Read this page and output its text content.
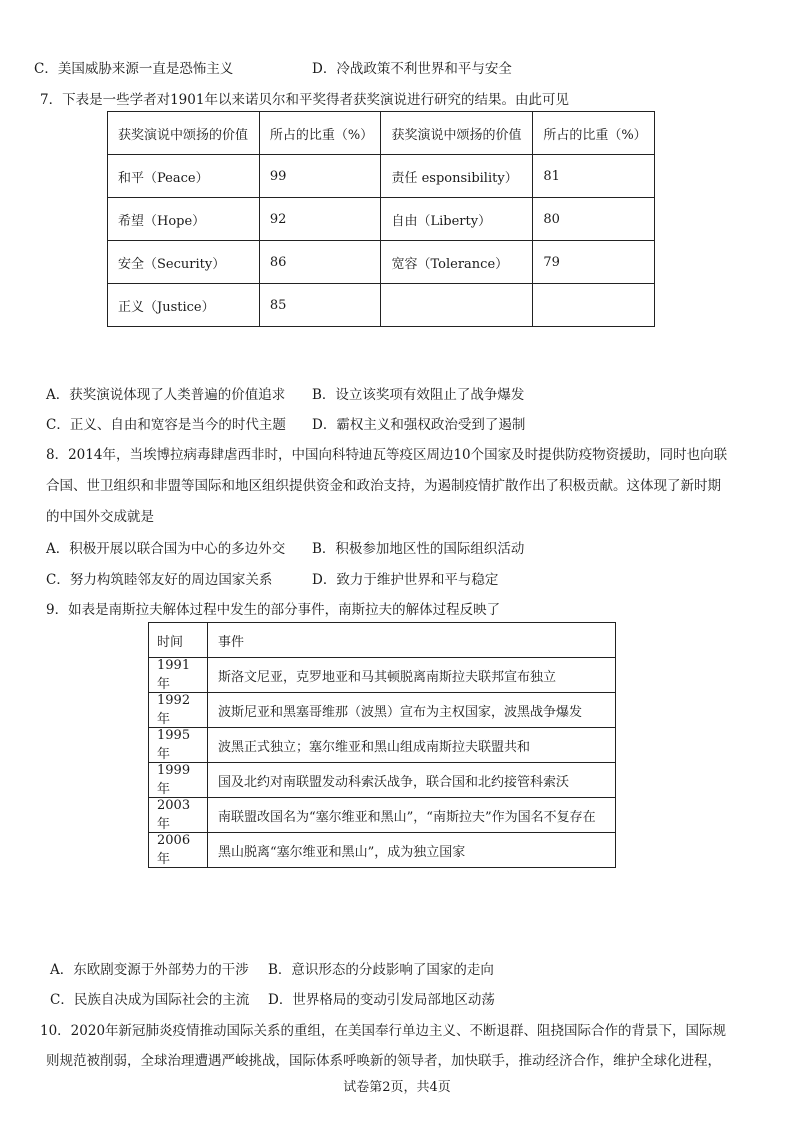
C．美国威胁来源一直是恐怖主义	D．冷战政策不利世界和平与安全
7．下表是一些学者对1901年以来诺贝尔和平奖得者获奖演说进行研究的结果。由此可见
获奖演说中颂扬的价值	所占的比重（%）	获奖演说中颂扬的价值	所占的比重（%）
和平（Peace）	99	责任 esponsibility）	81
希望（Hope）	92	自由（Liberty）	80
安全（Security）	86	宽容（Tolerance）	79
正义（Justice）	85		
A．获奖演说体现了人类普遍的价值追求 B．设立该奖项有效阻止了战争爆发
C．正义、自由和宽容是当今的时代主题 D．霸权主义和强权政治受到了遏制
8．2014年，当埃博拉病毒肆虐西非时，中国向科特迪瓦等疫区周边10个国家及时提供防疫物资援助，同时也向联
合国、世卫组织和非盟等国际和地区组织提供资金和政治支持，为遏制疫情扩散作出了积极贡献。这体现了新时期
的中国外交成就是
A．积极开展以联合国为中心的多边外交 B．积极参加地区性的国际组织活动
C．努力构筑睦邻友好的周边国家关系	D．致力于维护世界和平与稳定
9．如表是南斯拉夫解体过程中发生的部分事件，南斯拉夫的解体过程反映了
时间	事件
1991年	斯洛文尼亚，克罗地亚和马其顿脱离南斯拉夫联邦宣布独立
1992年	波斯尼亚和黑塞哥维那（波黑）宣布为主权国家，波黑战争爆发
1995年	波黑正式独立；塞尔维亚和黑山组成南斯拉夫联盟共和
1999年	国及北约对南联盟发动科索沃战争，联合国和北约接管科索沃
2003年	南联盟改国名为“塞尔维亚和黑山”，“南斯拉夫”作为国名不复存在
2006年	黑山脱离“塞尔维亚和黑山”，成为独立国家
A．东欧剧变源于外部势力的干涉 B．意识形态的分歧影响了国家的走向
C．民族自决成为国际社会的主流 D．世界格局的变动引发局部地区动荡
10．2020年新冠肺炎疫情推动国际关系的重组，在美国奉行单边主义、不断退群、阻挠国际合作的背景下，国际规
则规范被削弱，全球治理遭遇严峻挑战，国际体系呼唤新的领导者，加快联手，推动经济合作，维护全球化进程，
试卷第2页，共4页
